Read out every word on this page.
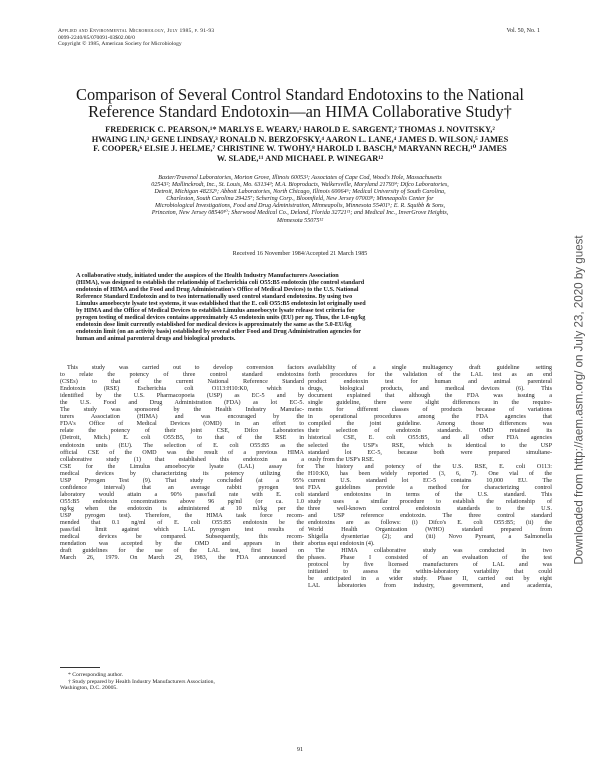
Applied and Environmental Microbiology, July 1985, p. 91-93
0099-2240/85/070091-03$02.00/0
Copyright © 1985, American Society for Microbiology
Vol. 50, No. 1
Comparison of Several Control Standard Endotoxins to the National
Reference Standard Endotoxin—an HIMA Collaborative Study†
FREDERICK C. PEARSON,¹* MARLYS E. WEARY,¹ HAROLD E. SARGENT,² THOMAS J. NOVITSKY,²
HWAING LIN,³ GENE LINDSAY,³ RONALD N. BERZOFSKY,⁴ AARON L. LANE,⁴ JAMES D. WILSON,⁵ JAMES
F. COOPER,⁶ ELSIE J. HELME,⁷ CHRISTINE W. TWOHY,⁸ HAROLD I. BASCH,⁹ MARYANN RECH,¹⁰ JAMES
W. SLADE,¹¹ AND MICHAEL P. WINEGAR¹²
Baxter/Travenol Laboratories, Morton Grove, Illinois 60053¹; Associates of Cape Cod, Wood's Hole, Massachusetts
02543²; Mallinckrodt, Inc., St. Louis, Mo. 63134³; M.A. Bioproducts, Walkersville, Maryland 21793⁴; Difco Laboratories,
Detroit, Michigan 48232⁵; Abbott Laboratories, North Chicago, Illinois 60064⁶; Medical University of South Carolina,
Charleston, South Carolina 29425⁷; Schering Corp., Bloomfield, New Jersey 07003⁸; Minneapolis Center for
Microbiological Investigations, Food and Drug Administration, Minneapolis, Minnesota 55401⁹; E. R. Squibb & Sons,
Princeton, New Jersey 08540¹⁰; Sherwood Medical Co., Deland, Florida 32721¹¹; and Medical Inc., InverGrove Heights,
Minnesota 55075¹²
Received 16 November 1984/Accepted 21 March 1985
A collaborative study, initiated under the auspices of the Health Industry Manufacturers Association
(HIMA), was designed to establish the relationship of Escherichia coli O55:B5 endotoxin (the control standard
endotoxin of HIMA and the Food and Drug Administration's Office of Medical Devices) to the U.S. National
Reference Standard Endotoxin and to two internationally used control standard endotoxins. By using two
Limulus amoebocyte lysate test systems, it was established that the E. coli O55:B5 endotoxin lot originally used
by HIMA and the Office of Medical Devices to establish Limulus amoebocyte lysate release test criteria for
pyrogen testing of medical devices contains approximately 4.5 endotoxin units (EU) per ng. Thus, the 1.0-ng/kg
endotoxin dose limit currently established for medical devices is approximately the same as the 5.0-EU/kg
endotoxin limit (on an activity basis) established by several other Food and Drug Administration agencies for
human and animal parenteral drugs and biological products.
This study was carried out to develop conversion factors
to relate the potency of three control standard endotoxins
(CSEs) to that of the current National Reference Standard
Endotoxin (RSE) Escherichia coli O113:H10:K0, which is
identified by the U.S. Pharmacopoeia (USP) as EC-5 and by
the U.S. Food and Drug Administration (FDA) as lot EC-5.
The study was sponsored by the Health Industry Manufac-
turers Association (HIMA) and was encouraged by the
FDA's Office of Medical Devices (OMD) in an effort to
relate the potency of their joint CSE, Difco Laboratories
(Detroit, Mich.) E. coli O55:B5, to that of the RSE in
endotoxin units (EU). The selection of E. coli O55:B5 as the
official CSE of the OMD was the result of a previous HIMA
collaborative study (1) that established this endotoxin as a
CSE for the Limulus amoebocyte lysate (LAL) assay for
medical devices by characterizing its potency utilizing the
USP Pyrogen Test (9). That study concluded (at a 95%
confidence interval) that an average rabbit pyrogen test
laboratory would attain a 90% pass/fail rate with E. coli
O55:B5 endotoxin concentrations above 96 pg/ml (or ca. 1.0
ng/kg when the endotoxin is administered at 10 ml/kg per the
USP pyrogen test). Therefore, the HIMA task force recom-
mended that 0.1 ng/ml of E. coli O55:B5 endotoxin be the
pass/fail limit against which LAL pyrogen test results of
medical devices be compared. Subsequently, this recom-
mendation was accepted by the OMD and appears in their
draft guidelines for the use of the LAL test, first issued on
March 26, 1979. On March 29, 1983, the FDA announced the
* Corresponding author.
† Study prepared by Health Industry Manufacturers Association,
Washington, D.C. 20005.
availability of a single multiagency draft guideline setting
forth procedures for the validation of the LAL test as an end
product endotoxin test for human and animal parenteral
drugs, biological products, and medical devices (6). This
document explained that although the FDA was issuing a
single guideline, there were slight differences in the require-
ments for different classes of products because of variations
in operational procedures among the FDA agencies that
compiled the joint guideline. Among those differences was
their selection of endotoxin standards. OMD retained its
historical CSE, E. coli O55:B5, and all other FDA agencies
selected the USP's RSE, which is identical to the USP
standard lot EC-5, because both were prepared simultane-
ously from the USP's RSE.
The history and potency of the U.S. RSE, E. coli O113:
H10:K0, has been widely reported (3, 6, 7). One vial of the
current U.S. standard lot EC-5 contains 10,000 EU. The
FDA guidelines provide a method for characterizing control
standard endotoxins in terms of the U.S. standard. This
study uses a similar procedure to establish the relationship of
three well-known control endotoxin standards to the U.S.
and USP reference endotoxin. The three control standard
endotoxins are as follows: (i) Difco's E. coli O55:B5; (ii) the
World Health Organization (WHO) standard prepared from
Shigella dysenteriae (2); and (iii) Novo Pyreant, a Salmonella
abortus equi endotoxin (4).
The HIMA collaborative study was conducted in two
phases. Phase I consisted of an evaluation of the test
protocol by five licensed manufacturers of LAL and was
initiated to assess the within-laboratory variability that could
be anticipated in a wider study. Phase II, carried out by eight
LAL laboratories from industry, government, and academia,
91
Downloaded from http://aem.asm.org/ on July 23, 2020 by guest
